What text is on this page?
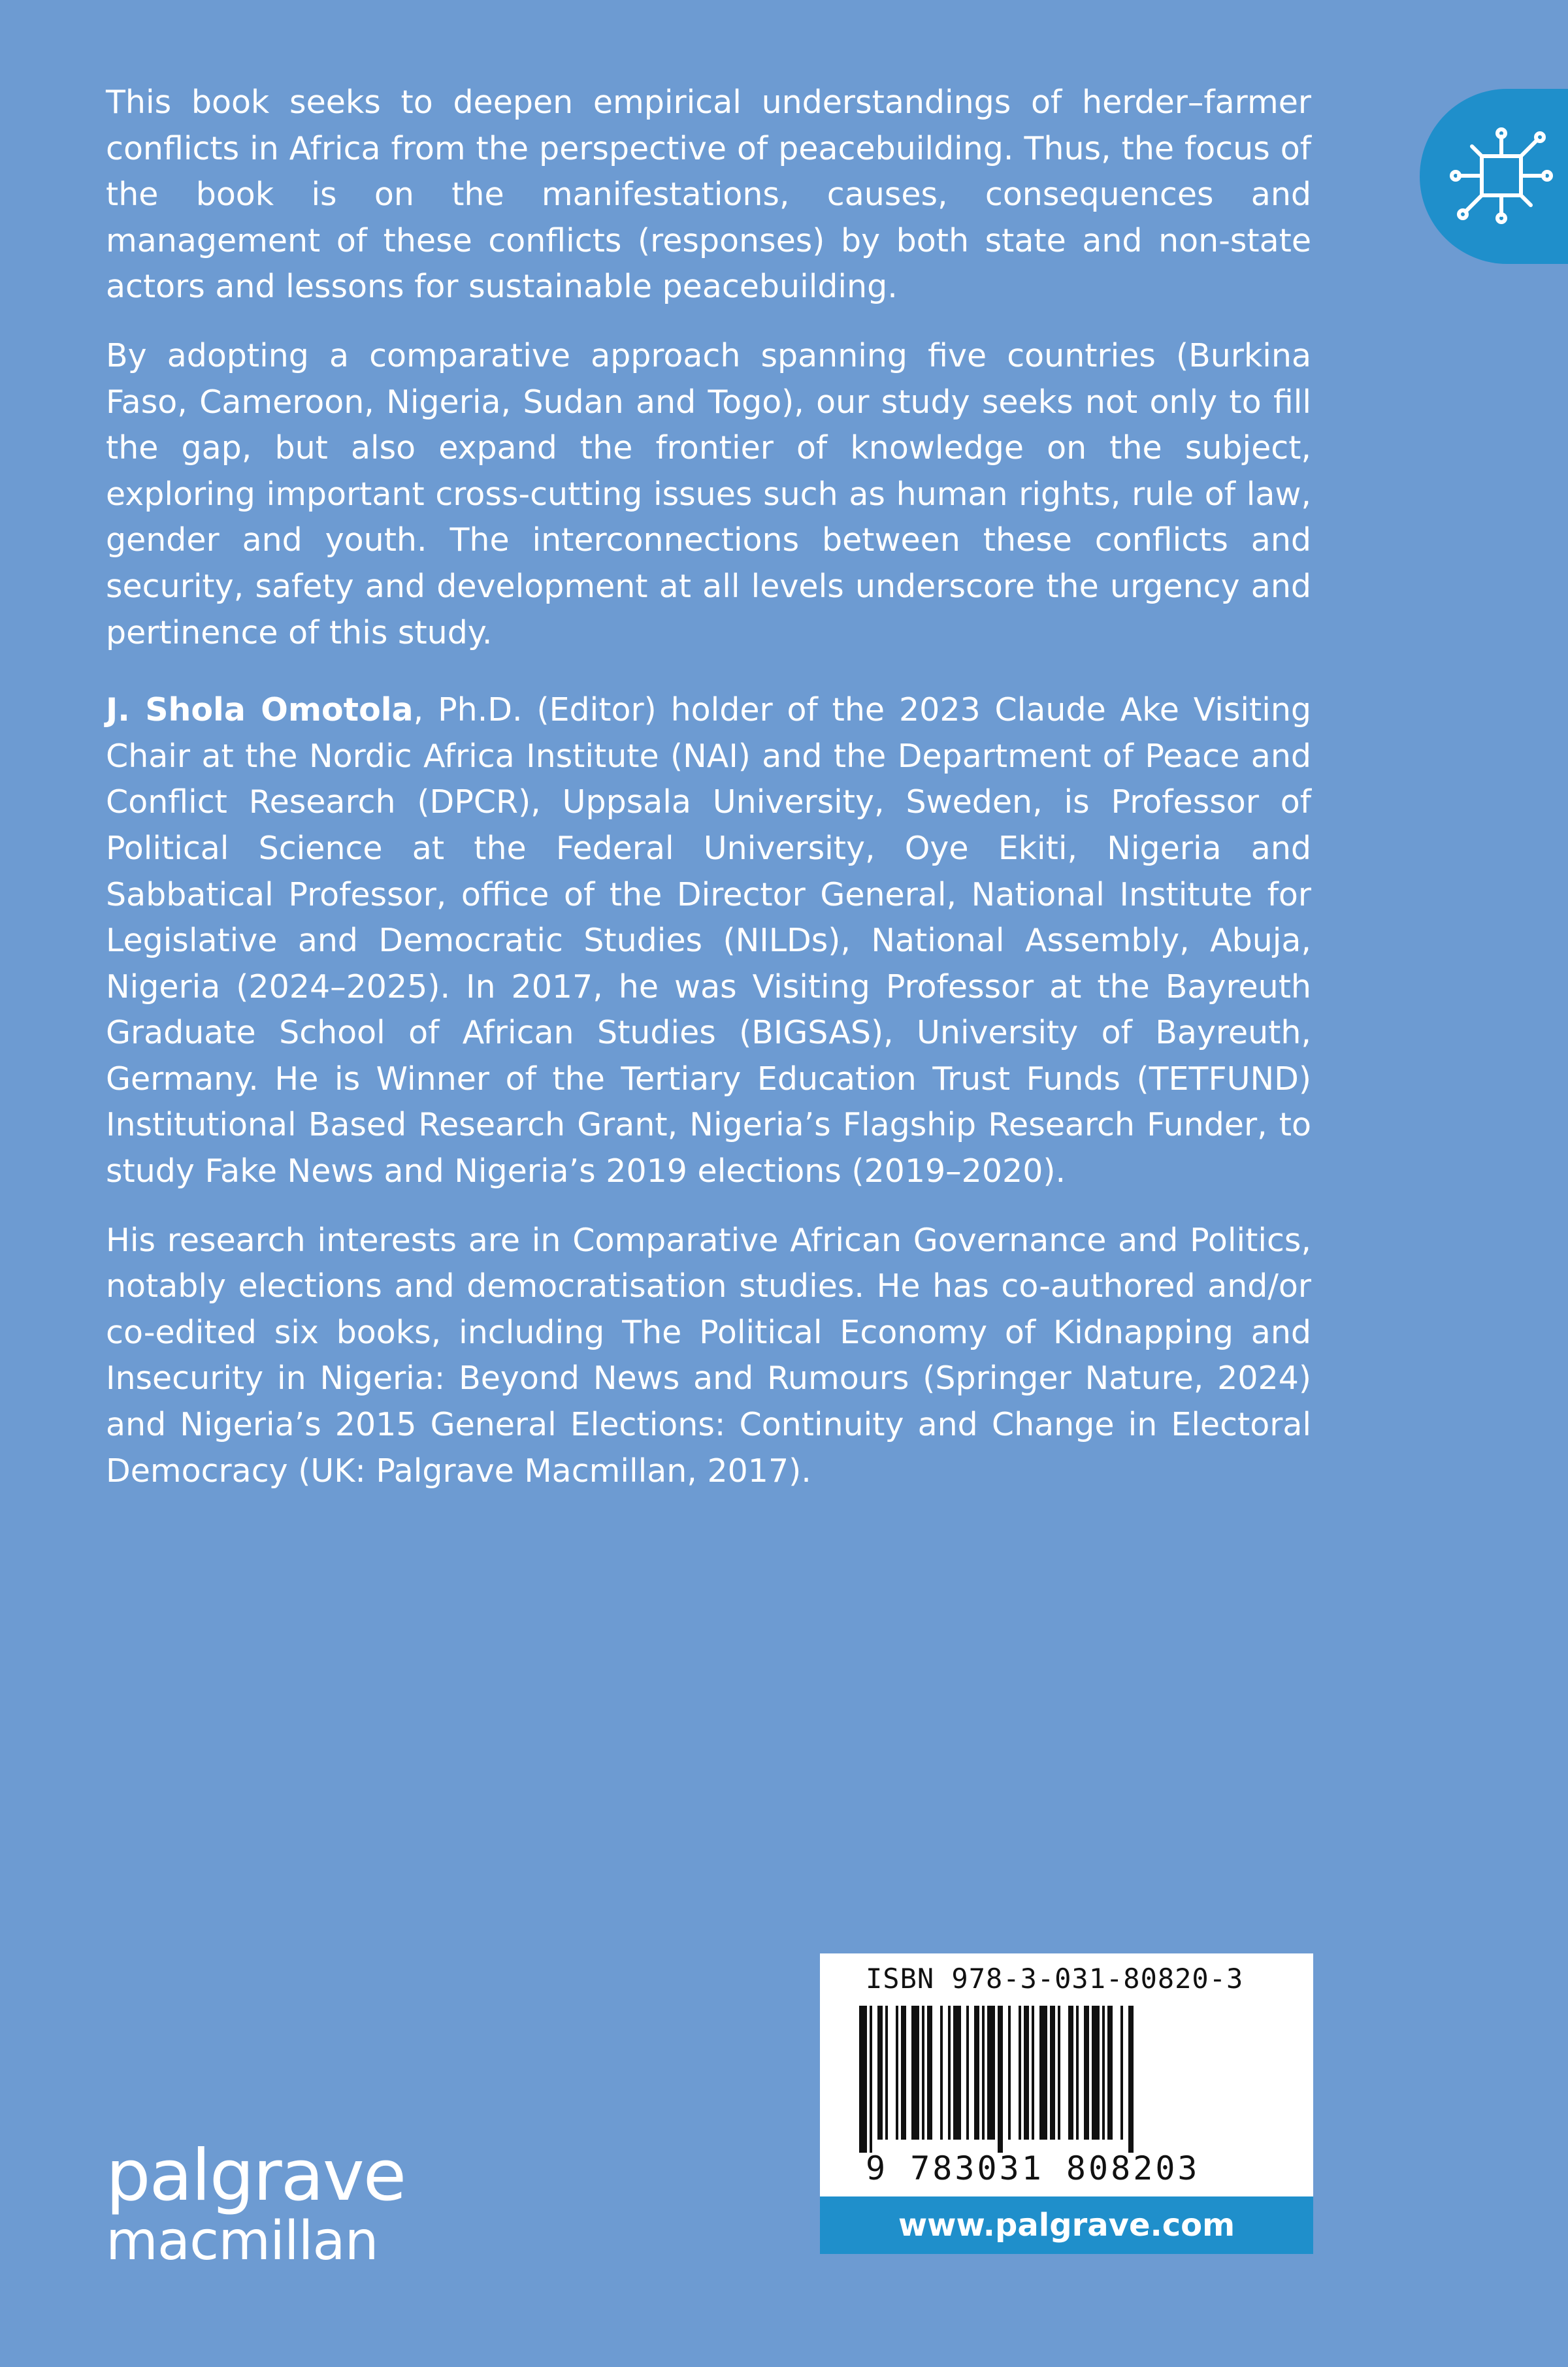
This book seeks to deepen empirical understandings of herder–farmer conflicts in Africa from the perspective of peacebuilding. Thus, the focus of the book is on the manifestations, causes, consequences and management of these conflicts (responses) by both state and non-state actors and lessons for sustainable peacebuilding.

By adopting a comparative approach spanning five countries (Burkina Faso, Cameroon, Nigeria, Sudan and Togo), our study seeks not only to fill the gap, but also expand the frontier of knowledge on the subject, exploring important cross-cutting issues such as human rights, rule of law, gender and youth. The interconnections between these conflicts and security, safety and development at all levels underscore the urgency and pertinence of this study.

J. Shola Omotola, Ph.D. (Editor) holder of the 2023 Claude Ake Visiting Chair at the Nordic Africa Institute (NAI) and the Department of Peace and Conflict Research (DPCR), Uppsala University, Sweden, is Professor of Political Science at the Federal University, Oye Ekiti, Nigeria and Sabbatical Professor, office of the Director General, National Institute for Legislative and Democratic Studies (NILDs), National Assembly, Abuja, Nigeria (2024–2025). In 2017, he was Visiting Professor at the Bayreuth Graduate School of African Studies (BIGSAS), University of Bayreuth, Germany. He is Winner of the Tertiary Education Trust Funds (TETFUND) Institutional Based Research Grant, Nigeria’s Flagship Research Funder, to study Fake News and Nigeria’s 2019 elections (2019–2020).

His research interests are in Comparative African Governance and Politics, notably elections and democratisation studies. He has co-authored and/or co-edited six books, including The Political Economy of Kidnapping and Insecurity in Nigeria: Beyond News and Rumours (Springer Nature, 2024) and Nigeria’s 2015 General Elections: Continuity and Change in Electoral Democracy (UK: Palgrave Macmillan, 2017).

palgrave
macmillan
ISBN 978-3-031-80820-3
9 783031 808203
www.palgrave.com
